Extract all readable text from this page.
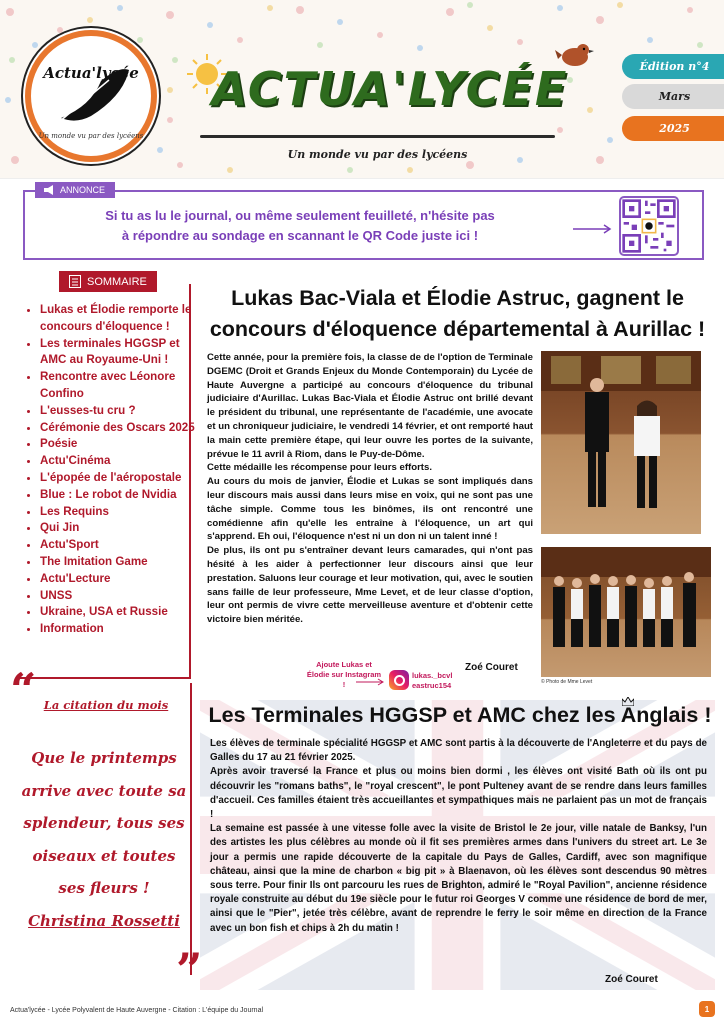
Actua'lycée
Un monde vu par des lycéens
ACTUA'LYCÉE
Un monde vu par des lycéens
Édition n°4
Mars
2025
ANNONCE
Si tu as lu le journal, ou même seulement feuilleté, n'hésite pas
à répondre au sondage en scannant le QR Code juste ici !
SOMMAIRE
• Lukas et Élodie remporte le concours d'éloquence !
• Les terminales HGGSP et AMC au Royaume-Uni !
• Rencontre avec Léonore Confino
• L'eusses-tu cru ?
• Cérémonie des Oscars 2025
• Poésie
• Actu'Cinéma
• L'épopée de l'aéropostale
• Blue : Le robot de Nvidia
• Les Requins
• Qui Jin
• Actu'Sport
• The Imitation Game
• Actu'Lecture
• UNSS
• Ukraine, USA et Russie
• Information
“ La citation du mois
Que le printemps arrive avec toute sa splendeur, tous ses oiseaux et toutes ses fleurs !
Christina Rossetti
”
Lukas Bac-Viala et Élodie Astruc, gagnent le concours d'éloquence départemental à Aurillac !

Cette année, pour la première fois, la classe de de l'option de Terminale DGEMC (Droit et Grands Enjeux du Monde Contemporain) du Lycée de Haute Auvergne a participé au concours d'éloquence du tribunal judiciaire d'Aurillac. Lukas Bac-Viala et Élodie Astruc ont brillé devant le président du tribunal, une représentante de l'académie, une avocate et un chroniqueur judiciaire, le vendredi 14 février, et ont remporté haut la main cette première étape, qui leur ouvre les portes de la suivante, prévue le 11 avril à Riom, dans le Puy-de-Dôme.

Cette médaille les récompense pour leurs efforts.

Au cours du mois de janvier, Élodie et Lukas se sont impliqués dans leur discours mais aussi dans leurs mise en voix, qui ne sont pas une tâche simple. Comme tous les binômes, ils ont rencontré une comédienne afin qu'elle les entraîne à l'éloquence, un art qui s'apprend. Eh oui, l'éloquence n'est ni un don ni un talent inné !

De plus, ils ont pu s'entraîner devant leurs camarades, qui n'ont pas hésité à les aider à perfectionner leur discours ainsi que leur prestation. Saluons leur courage et leur motivation, qui, avec le soutien sans faille de leur professeure, Mme Levet, et de leur classe d'option, leur ont permis de vivre cette merveilleuse aventure et d'obtenir cette victoire bien méritée.

© Photo de Mme Levet
Zoé Couret
Ajoute Lukas et Élodie sur Instagram !
lukas._bcvl
eastruc154
Les Terminales HGGSP et AMC chez les Anglais !

Les élèves de terminale spécialité HGGSP et AMC sont partis à la découverte de l'Angleterre et du pays de Galles du 17 au 21 février 2025.

Après avoir traversé la France et plus ou moins bien dormi , les élèves ont visité Bath où ils ont pu découvrir les "romans baths", le "royal crescent", le pont Pulteney avant de se rendre dans leurs familles d'accueil. Ces familles étaient très accueillantes et sympathiques mais ne parlaient pas un mot de français !

La semaine est passée à une vitesse folle avec la visite de Bristol le 2e jour, ville natale de Banksy, l'un des artistes les plus célèbres au monde où il fit ses premières armes dans l'univers du street art. Le 3e jour a permis une rapide découverte de la capitale du Pays de Galles, Cardiff, avec son magnifique château, ainsi que la mine de charbon « big pit » à Blaenavon, où les élèves sont descendus 90 mètres sous terre. Pour finir Ils ont parcouru les rues de Brighton, admiré le "Royal Pavilion", ancienne résidence royale construite au début du 19e siècle pour le futur roi Georges V comme une résidence de bord de mer, ainsi que le "Pier", jetée très célèbre, avant de reprendre le ferry le soir même en direction de la France avec un bon fish et chips à 2h du matin !

Zoé Couret
Actua'lycée - Lycée Polyvalent de Haute Auvergne - Citation : L'équipe du Journal	1
